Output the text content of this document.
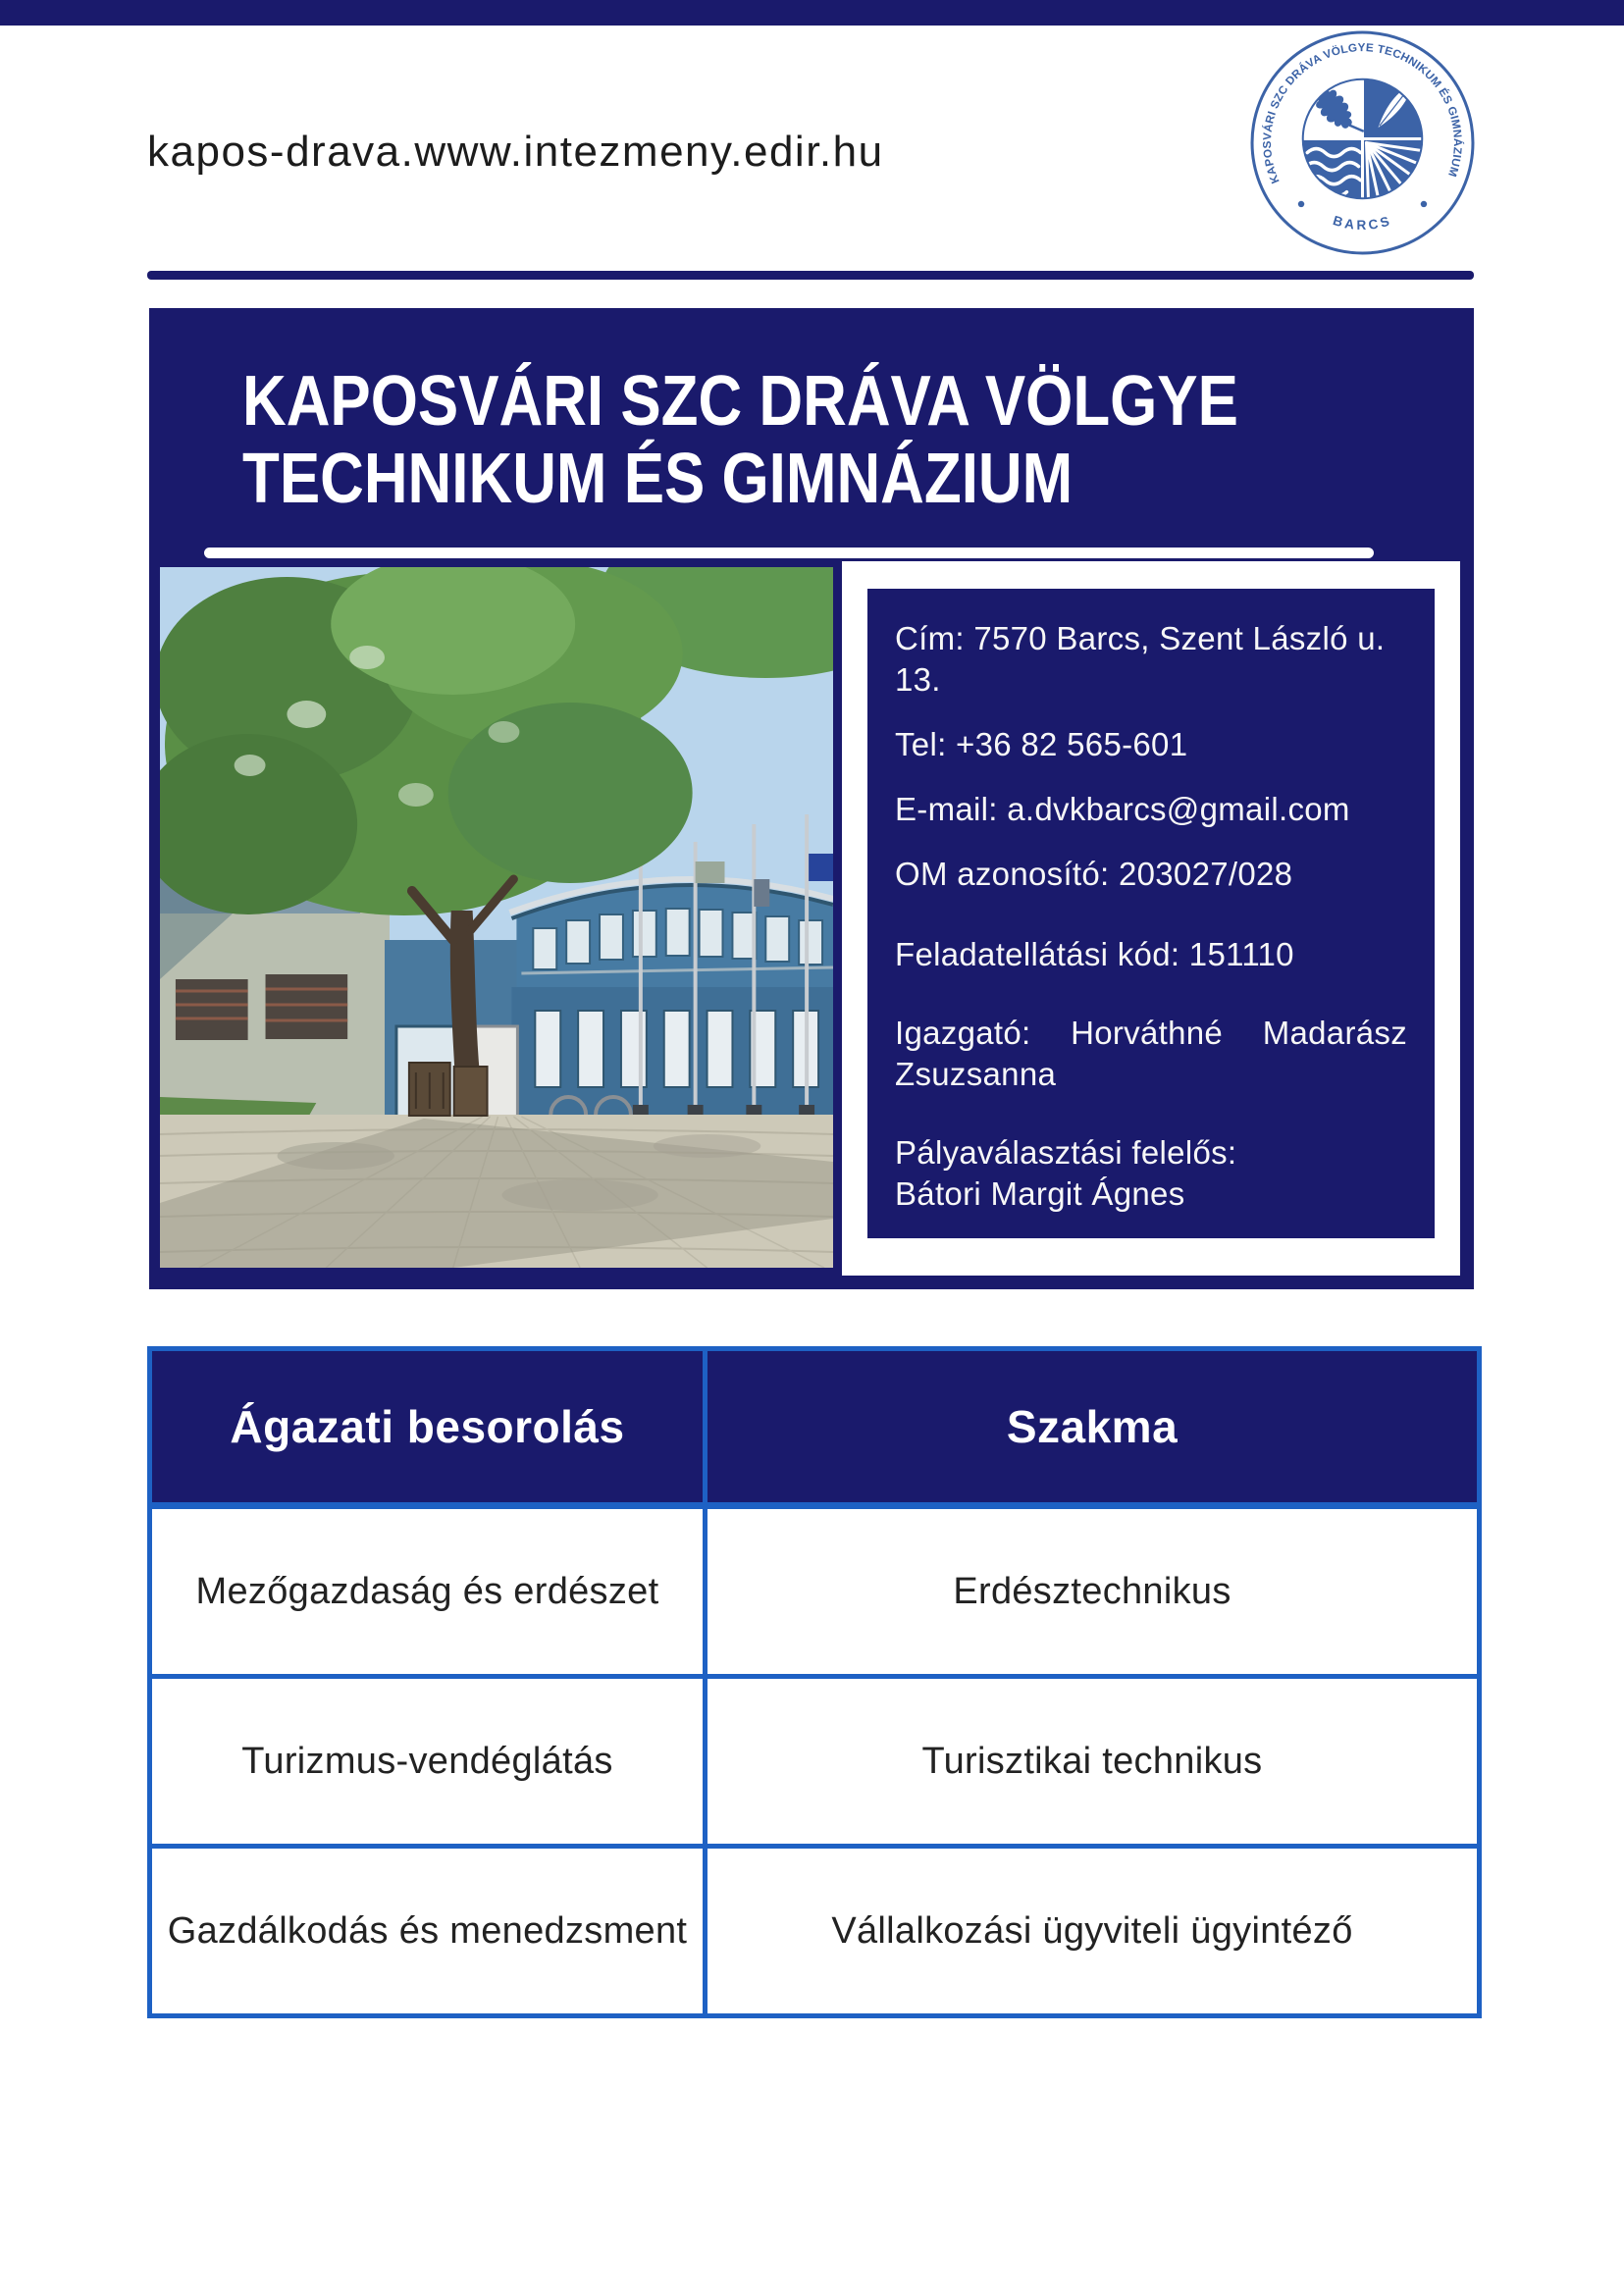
kapos-drava.www.intezmeny.edir.hu
KAPOSVÁRI SZC DRÁVA VÖLGYE TECHNIKUM ÉS GIMNÁZIUM
BARCS
KAPOSVÁRI SZC DRÁVA VÖLGYE
TECHNIKUM ÉS GIMNÁZIUM
Cím: 7570 Barcs, Szent László u. 13.
Tel: +36 82 565-601
E-mail: a.dvkbarcs@gmail.com
OM azonosító: 203027/028
Feladatellátási kód: 151110
Igazgató: Horváthné Madarász Zsuzsanna
Pályaválasztási felelős:
Bátori Margit Ágnes
Ágazati besorolás	Szakma
Mezőgazdaság és erdészet	Erdésztechnikus
Turizmus-vendéglátás	Turisztikai technikus
Gazdálkodás és menedzsment	Vállalkozási ügyviteli ügyintéző
